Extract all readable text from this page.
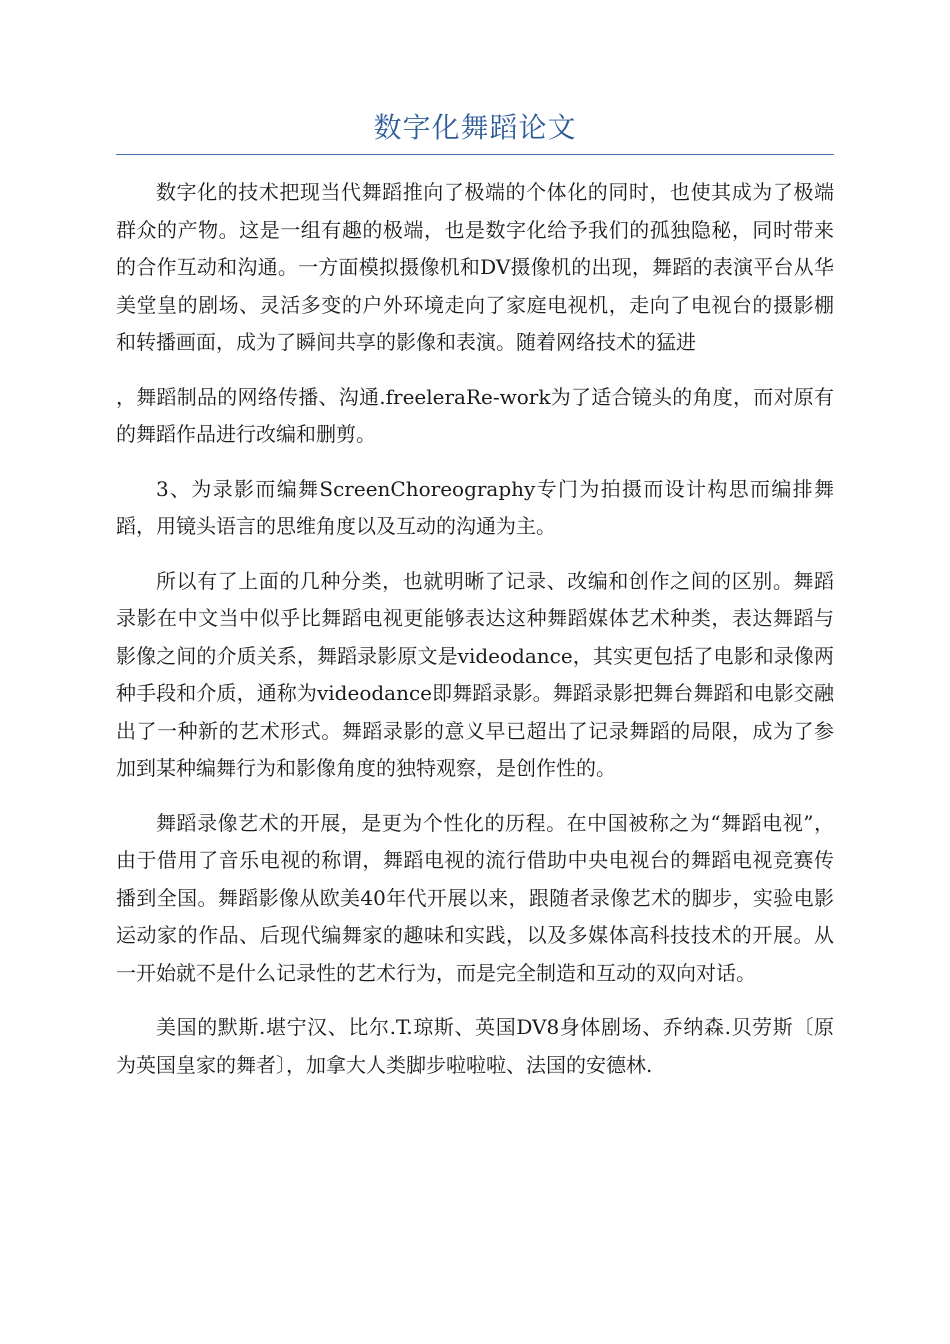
数字化舞蹈论文

数字化的技术把现当代舞蹈推向了极端的个体化的同时，也使其成为了极端群众的产物。这是一组有趣的极端，也是数字化给予我们的孤独隐秘，同时带来的合作互动和沟通。一方面模拟摄像机和DV摄像机的出现，舞蹈的表演平台从华美堂皇的剧场、灵活多变的户外环境走向了家庭电视机，走向了电视台的摄影棚和转播画面，成为了瞬间共享的影像和表演。随着网络技术的猛进

，舞蹈制品的网络传播、沟通.freeleraRe-work为了适合镜头的角度，而对原有的舞蹈作品进行改编和删剪。

3、为录影而编舞ScreenChoreography专门为拍摄而设计构思而编排舞蹈，用镜头语言的思维角度以及互动的沟通为主。

所以有了上面的几种分类，也就明晰了记录、改编和创作之间的区别。舞蹈录影在中文当中似乎比舞蹈电视更能够表达这种舞蹈媒体艺术种类，表达舞蹈与影像之间的介质关系，舞蹈录影原文是videodance，其实更包括了电影和录像两种手段和介质，通称为videodance即舞蹈录影。舞蹈录影把舞台舞蹈和电影交融出了一种新的艺术形式。舞蹈录影的意义早已超出了记录舞蹈的局限，成为了参加到某种编舞行为和影像角度的独特观察，是创作性的。

舞蹈录像艺术的开展，是更为个性化的历程。在中国被称之为“舞蹈电视”，由于借用了音乐电视的称谓，舞蹈电视的流行借助中央电视台的舞蹈电视竞赛传播到全国。舞蹈影像从欧美40年代开展以来，跟随者录像艺术的脚步，实验电影运动家的作品、后现代编舞家的趣味和实践，以及多媒体高科技技术的开展。从一开始就不是什么记录性的艺术行为，而是完全制造和互动的双向对话。

美国的默斯.堪宁汉、比尔.T.琼斯、英国DV8身体剧场、乔纳森.贝劳斯〔原为英国皇家的舞者〕，加拿大人类脚步啦啦啦、法国的安德林.
